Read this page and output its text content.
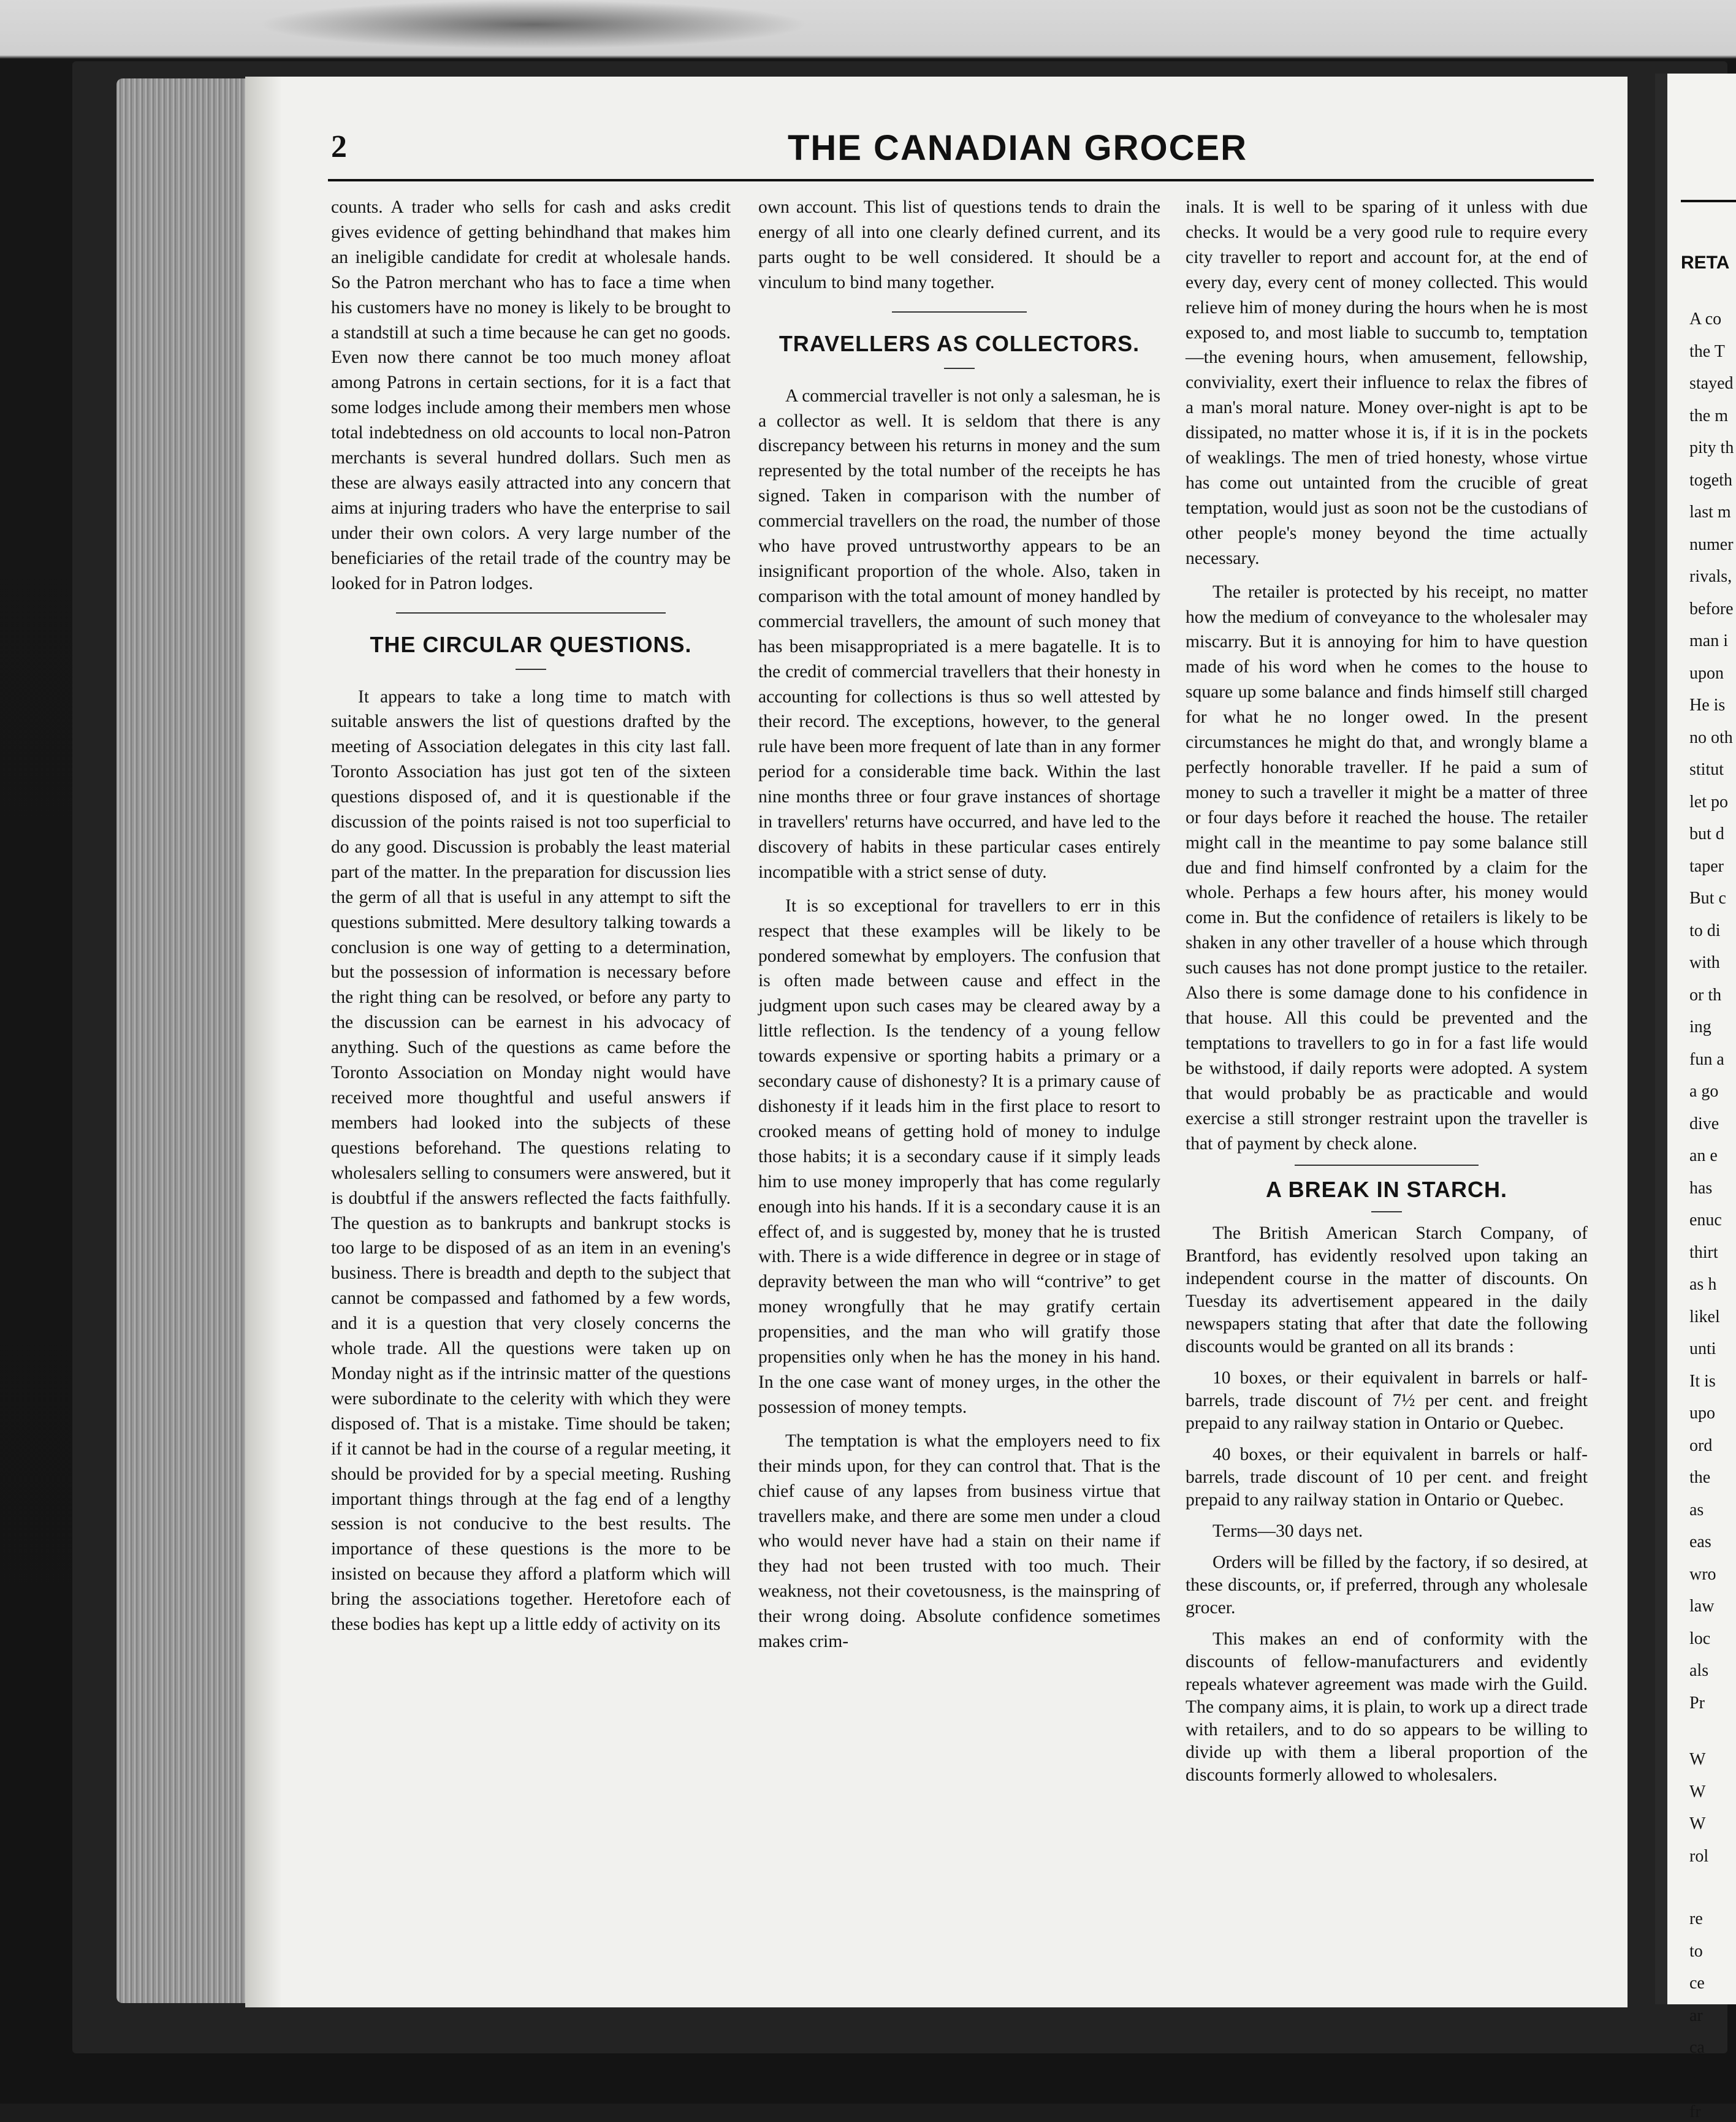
2	THE CANADIAN GROCER

counts. A trader who sells for cash and asks credit gives evidence of getting behindhand that makes him an ineligible candidate for credit at wholesale hands. So the Patron merchant who has to face a time when his customers have no money is likely to be brought to a standstill at such a time because he can get no goods. Even now there cannot be too much money afloat among Patrons in certain sections, for it is a fact that some lodges include among their members men whose total indebtedness on old accounts to local non-Patron merchants is several hundred dollars. Such men as these are always easily attracted into any concern that aims at injuring traders who have the enterprise to sail under their own colors. A very large number of the beneficiaries of the retail trade of the country may be looked for in Patron lodges.

THE CIRCULAR QUESTIONS.

It appears to take a long time to match with suitable answers the list of questions drafted by the meeting of Association delegates in this city last fall. Toronto Association has just got ten of the sixteen questions disposed of, and it is questionable if the discussion of the points raised is not too superficial to do any good. Discussion is probably the least material part of the matter. In the preparation for discussion lies the germ of all that is useful in any attempt to sift the questions submitted. Mere desultory talking towards a conclusion is one way of getting to a determination, but the possession of information is necessary before the right thing can be resolved, or before any party to the discussion can be earnest in his advocacy of anything. Such of the questions as came before the Toronto Association on Monday night would have received more thoughtful and useful answers if members had looked into the subjects of these questions beforehand. The questions relating to wholesalers selling to consumers were answered, but it is doubtful if the answers reflected the facts faithfully. The question as to bankrupts and bankrupt stocks is too large to be disposed of as an item in an evening's business. There is breadth and depth to the subject that cannot be compassed and fathomed by a few words, and it is a question that very closely concerns the whole trade. All the questions were taken up on Monday night as if the intrinsic matter of the questions were subordinate to the celerity with which they were disposed of. That is a mistake. Time should be taken; if it cannot be had in the course of a regular meeting, it should be provided for by a special meeting. Rushing important things through at the fag end of a lengthy session is not conducive to the best results. The importance of these questions is the more to be insisted on because they afford a platform which will bring the associations together. Heretofore each of these bodies has kept up a little eddy of activity on its

own account. This list of questions tends to drain the energy of all into one clearly defined current, and its parts ought to be well considered. It should be a vinculum to bind many together.

TRAVELLERS AS COLLECTORS.

A commercial traveller is not only a salesman, he is a collector as well. It is seldom that there is any discrepancy between his returns in money and the sum represented by the total number of the receipts he has signed. Taken in comparison with the number of commercial travellers on the road, the number of those who have proved untrustworthy appears to be an insignificant proportion of the whole. Also, taken in comparison with the total amount of money handled by commercial travellers, the amount of such money that has been misappropriated is a mere bagatelle. It is to the credit of commercial travellers that their honesty in accounting for collections is thus so well attested by their record. The exceptions, however, to the general rule have been more frequent of late than in any former period for a considerable time back. Within the last nine months three or four grave instances of shortage in travellers' returns have occurred, and have led to the discovery of habits in these particular cases entirely incompatible with a strict sense of duty.

It is so exceptional for travellers to err in this respect that these examples will be likely to be pondered somewhat by employers. The confusion that is often made between cause and effect in the judgment upon such cases may be cleared away by a little reflection. Is the tendency of a young fellow towards expensive or sporting habits a primary or a secondary cause of dishonesty? It is a primary cause of dishonesty if it leads him in the first place to resort to crooked means of getting hold of money to indulge those habits; it is a secondary cause if it simply leads him to use money improperly that has come regularly enough into his hands. If it is a secondary cause it is an effect of, and is suggested by, money that he is trusted with. There is a wide difference in degree or in stage of depravity between the man who will “contrive” to get money wrongfully that he may gratify certain propensities, and the man who will gratify those propensities only when he has the money in his hand. In the one case want of money urges, in the other the possession of money tempts.

The temptation is what the employers need to fix their minds upon, for they can control that. That is the chief cause of any lapses from business virtue that travellers make, and there are some men under a cloud who would never have had a stain on their name if they had not been trusted with too much. Their weakness, not their covetousness, is the mainspring of their wrong doing. Absolute confidence sometimes makes crim-

inals. It is well to be sparing of it unless with due checks. It would be a very good rule to require every city traveller to report and account for, at the end of every day, every cent of money collected. This would relieve him of money during the hours when he is most exposed to, and most liable to succumb to, temptation—the evening hours, when amusement, fellowship, conviviality, exert their influence to relax the fibres of a man's moral nature. Money over-night is apt to be dissipated, no matter whose it is, if it is in the pockets of weaklings. The men of tried honesty, whose virtue has come out untainted from the crucible of great temptation, would just as soon not be the custodians of other people's money beyond the time actually necessary.

The retailer is protected by his receipt, no matter how the medium of conveyance to the wholesaler may miscarry. But it is annoying for him to have question made of his word when he comes to the house to square up some balance and finds himself still charged for what he no longer owed. In the present circumstances he might do that, and wrongly blame a perfectly honorable traveller. If he paid a sum of money to such a traveller it might be a matter of three or four days before it reached the house. The retailer might call in the meantime to pay some balance still due and find himself confronted by a claim for the whole. Perhaps a few hours after, his money would come in. But the confidence of retailers is likely to be shaken in any other traveller of a house which through such causes has not done prompt justice to the retailer. Also there is some damage done to his confidence in that house. All this could be prevented and the temptations to travellers to go in for a fast life would be withstood, if daily reports were adopted. A system that would probably be as practicable and would exercise a still stronger restraint upon the traveller is that of payment by check alone.

A BREAK IN STARCH.

The British American Starch Company, of Brantford, has evidently resolved upon taking an independent course in the matter of discounts. On Tuesday its advertisement appeared in the daily newspapers stating that after that date the following discounts would be granted on all its brands :

10 boxes, or their equivalent in barrels or half-barrels, trade discount of 7½ per cent. and freight prepaid to any railway station in Ontario or Quebec.

40 boxes, or their equivalent in barrels or half-barrels, trade discount of 10 per cent. and freight prepaid to any railway station in Ontario or Quebec.

Terms—30 days net.

Orders will be filled by the factory, if so desired, at these discounts, or, if preferred, through any wholesale grocer.

This makes an end of conformity with the discounts of fellow-manufacturers and evidently repeals whatever agreement was made wirh the Guild. The company aims, it is plain, to work up a direct trade with retailers, and to do so appears to be willing to divide up with them a liberal proportion of the discounts formerly allowed to wholesalers.

RETA
A co
the T
stayed
the m
pity th
togeth
last m
numer
rivals,
before
man i
upon
He is
no oth
stitut
let po
but d
taper
But c
to di
with
or th
ing
fun a
a go
dive
an e
has
enuc
thirt
as h
likel
unti
It is
upo
ord
the
as
eas
wro
law
loc
als
Pr
W
W
W
rol
re
to
ce
ar
ca
in
fr
